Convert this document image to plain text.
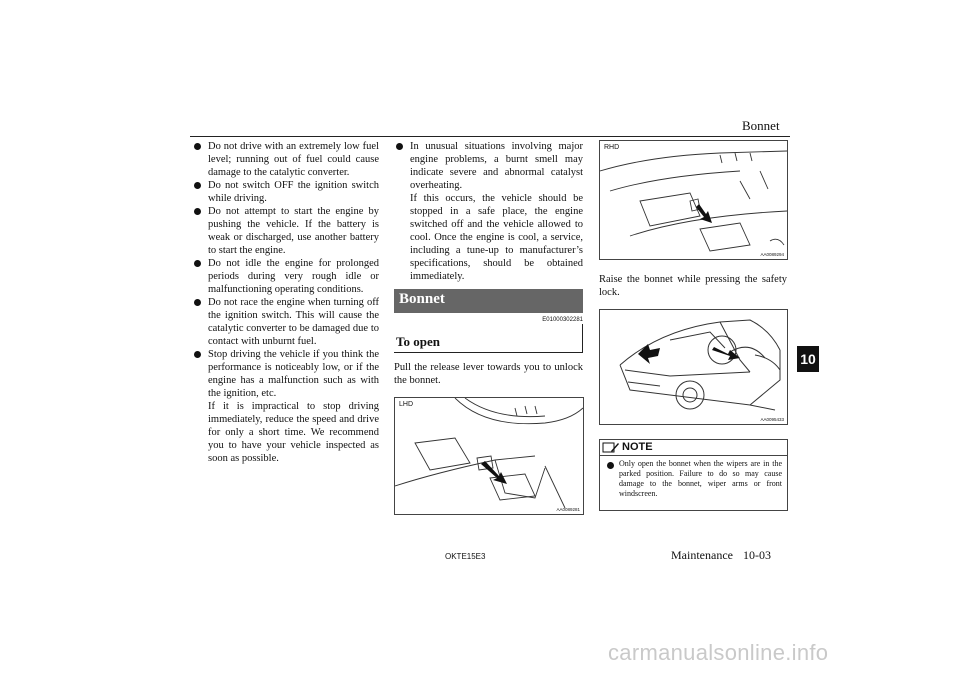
Bonnet
10
Do not drive with an extremely low fuel level; running out of fuel could cause damage to the catalytic converter.
Do not switch OFF the ignition switch while driving.
Do not attempt to start the engine by pushing the vehicle. If the battery is weak or discharged, use another battery to start the engine.
Do not idle the engine for prolonged periods during very rough idle or malfunctioning operating conditions.
Do not race the engine when turning off the ignition switch. This will cause the catalytic converter to be damaged due to contact with unburnt fuel.
Stop driving the vehicle if you think the performance is noticeably low, or if the engine has a malfunction such as with the ignition, etc.
If it is impractical to stop driving immediately, reduce the speed and drive for only a short time. We recommend you to have your vehicle inspected as soon as possible.
In unusual situations involving major engine problems, a burnt smell may indicate severe and abnormal catalyst overheating.
If this occurs, the vehicle should be stopped in a safe place, the engine switched off and the vehicle allowed to cool. Once the engine is cool, a service, including a tune-up to manufacturer’s specifications, should be obtained immediately.
Bonnet
E01000302281
To open
Pull the release lever towards you to unlock the bonnet.
LHD
AA0089281
RHD
AA0089294
Raise the bonnet while pressing the safety lock.
AA0095433
NOTE
Only open the bonnet when the wipers are in the parked position. Failure to do so may cause damage to the bonnet, wiper arms or front windscreen.
OKTE15E3	Maintenance 10-03
carmanualsonline.info
